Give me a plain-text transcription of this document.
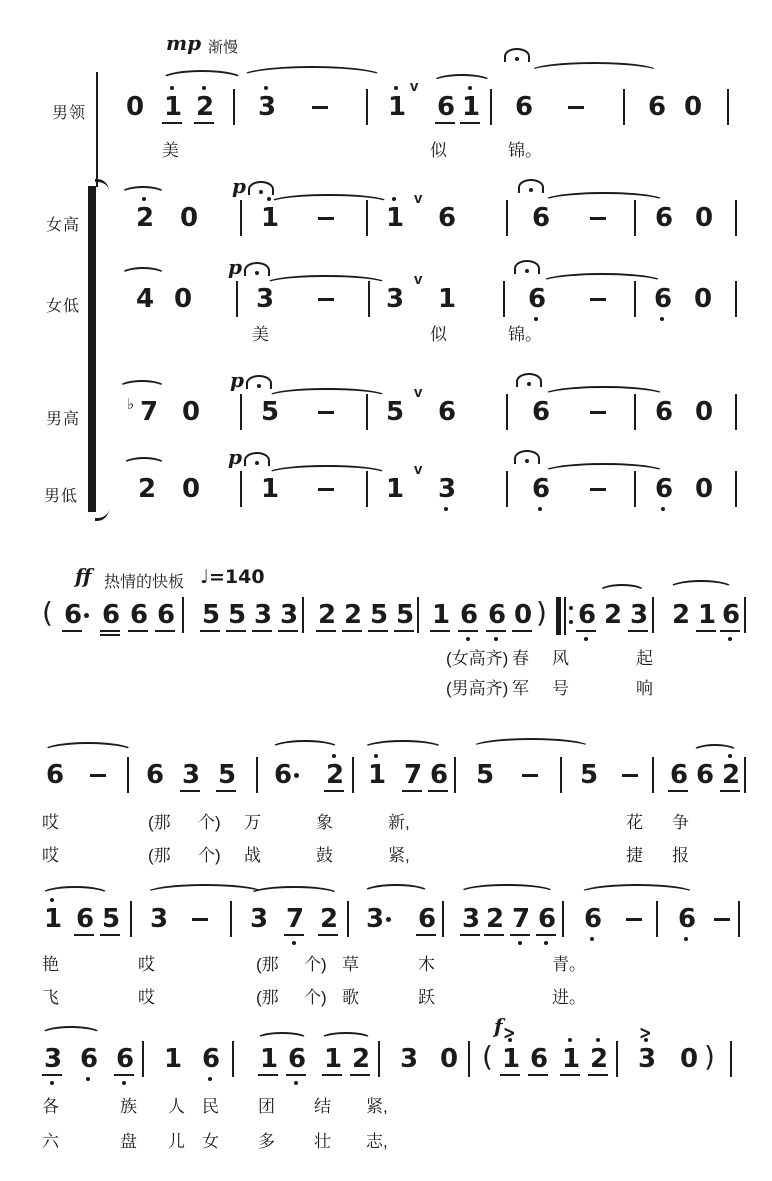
mp 渐慢
ff 热情的快板 ♩=140
男领 0 1 2 3	1 6 1 6	6 0
v
美	似	锦。
女高 2 0 1	1 6	6	6 0
p
v
女低 4 0 3	3 1	6	6 0
p
v
美	似	锦。
男高 7
♭ 0 5	5 6	6	6 0
p
v
男低 2 0 1	1 3	6	6 0
p
v
( 6 6 6 6 5 5 3 3 2 2 5 5 1 6 6 0 ) 6 2 3 2 1 6
(女高齐) 春 风	起
(男高齐) 军 号	响
6	6 3 5 6 2 1 7 6 5	5	6 6 2
哎	(那 个) 万	象	新,	花 争
哎	(那 个) 战	鼓	紧,	捷 报
1 6 5 3	3 7 2 3 6 3 2 7 6 6	6
艳	哎	(那 个) 草	木	青。
飞	哎	(那 个) 歌	跃	进。
3 6 6 1 6 1 6 1 2 3 0 ( 1 6 1 2 3 0 )
f >	>
各	族 人 民 团 结 紧,
六	盘 儿 女 多 壮 志,
